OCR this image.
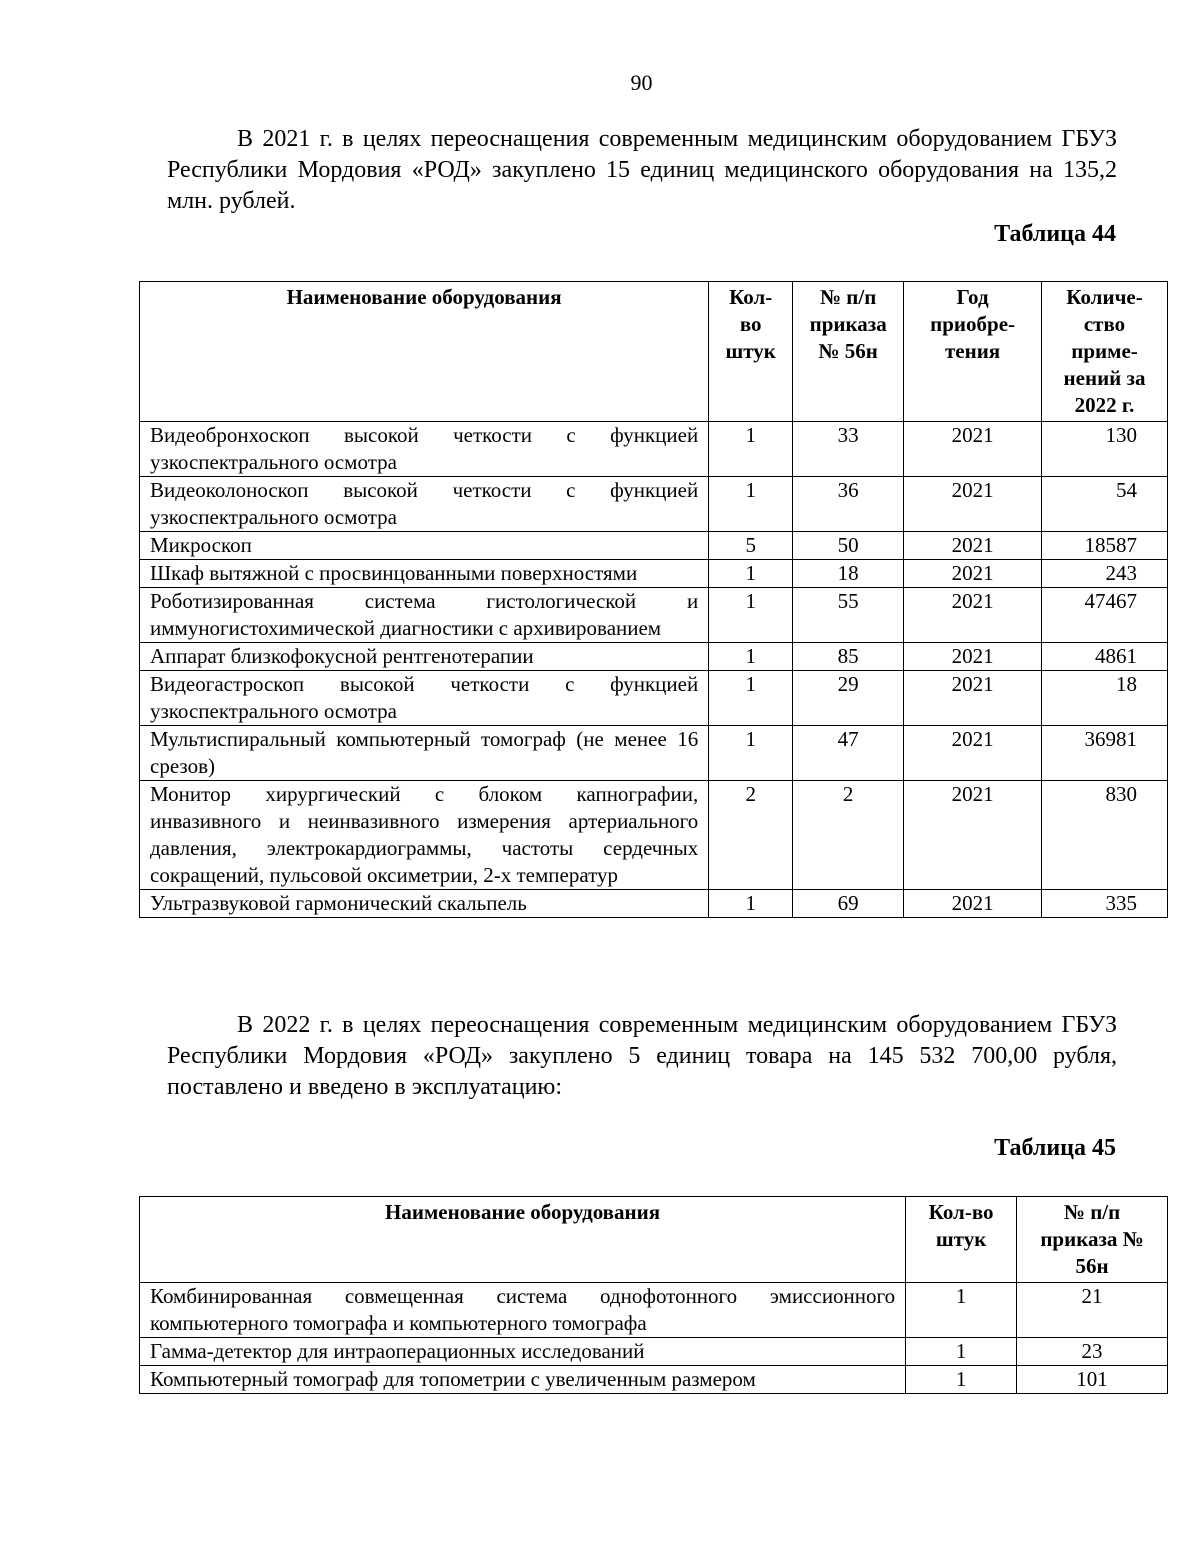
90

В 2021 г. в целях переоснащения современным медицинским оборудованием ГБУЗ Республики Мордовия «РОД» закуплено 15 единиц медицинского оборудования на 135,2 млн. рублей.

Таблица 44
Наименование оборудования	Кол-во штук	№ п/п приказа № 56н	Год приобре-тения	Количе-ство приме-нений за 2022 г.
Видеобронхоскоп высокой четкости с функцией узкоспектрального осмотра	1	33	2021	130
Видеоколоноскоп высокой четкости с функцией узкоспектрального осмотра	1	36	2021	54
Микроскоп	5	50	2021	18587
Шкаф вытяжной с просвинцованными поверхностями	1	18	2021	243
Роботизированная система гистологической и иммуногистохимической диагностики с архивированием	1	55	2021	47467
Аппарат близкофокусной рентгенотерапии	1	85	2021	4861
Видеогастроскоп высокой четкости с функцией узкоспектрального осмотра	1	29	2021	18
Мультиспиральный компьютерный томограф (не менее 16 срезов)	1	47	2021	36981
Монитор хирургический с блоком капнографии, инвазивного и неинвазивного измерения артериального давления, электрокардиограммы, частоты сердечных сокращений, пульсовой оксиметрии, 2-х температур	2	2	2021	830
Ультразвуковой гармонический скальпель	1	69	2021	335

В 2022 г. в целях переоснащения современным медицинским оборудованием ГБУЗ Республики Мордовия «РОД» закуплено 5 единиц товара на 145 532 700,00 рубля, поставлено и введено в эксплуатацию:

Таблица 45
Наименование оборудования	Кол-во штук	№ п/п приказа № 56н
Комбинированная совмещенная система однофотонного эмиссионного компьютерного томографа и компьютерного томографа	1	21
Гамма-детектор для интраоперационных исследований	1	23
Компьютерный томограф для топометрии с увеличенным размером	1	101
